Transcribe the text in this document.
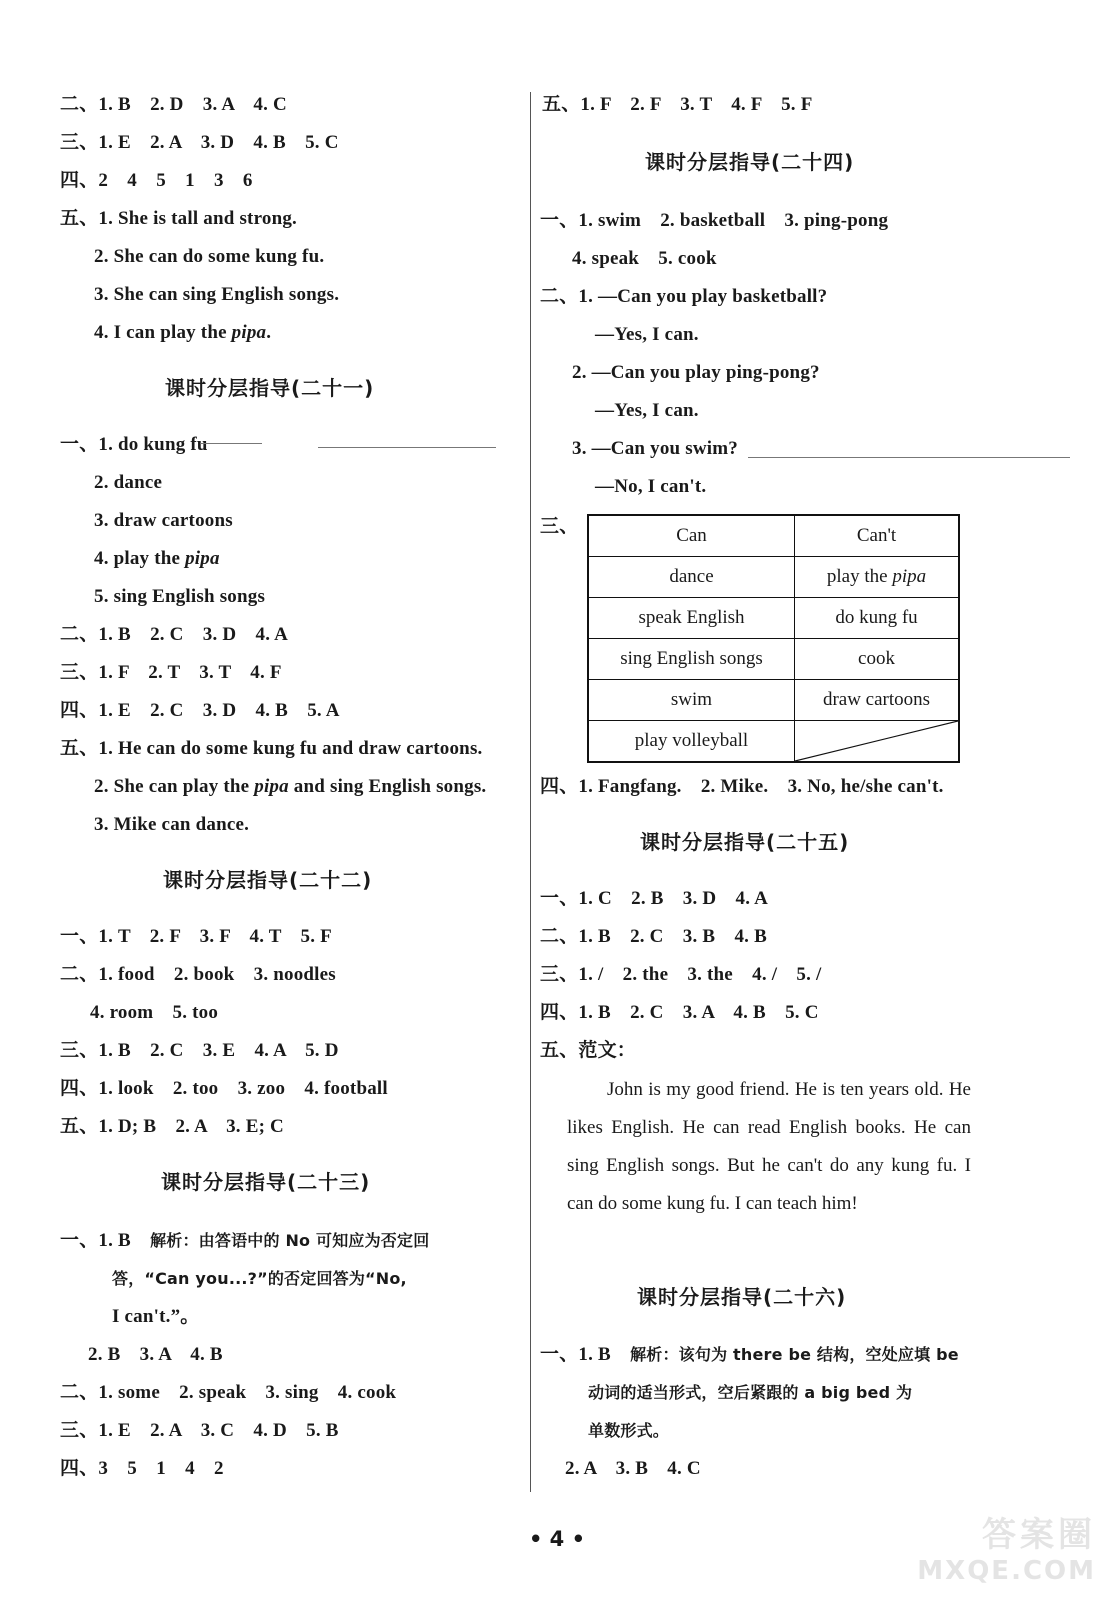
二、1. B　2. D　3. A　4. C
三、1. E　2. A　3. D　4. B　5. C
四、2　4　5　1　3　6
五、1. She is tall and strong.
2. She can do some kung fu.
3. She can sing English songs.
4. I can play the pipa.
课时分层指导(二十一)
一、1. do kung fu
2. dance
3. draw cartoons
4. play the pipa
5. sing English songs
二、1. B　2. C　3. D　4. A
三、1. F　2. T　3. T　4. F
四、1. E　2. C　3. D　4. B　5. A
五、1. He can do some kung fu and draw cartoons.
2. She can play the pipa and sing English songs.
3. Mike can dance.
课时分层指导(二十二)
一、1. T　2. F　3. F　4. T　5. F
二、1. food　2. book　3. noodles
4. room　5. too
三、1. B　2. C　3. E　4. A　5. D
四、1. look　2. too　3. zoo　4. football
五、1. D; B　2. A　3. E; C
课时分层指导(二十三)
一、1. B　解析：由答语中的 No 可知应为否定回
答，“Can you...?”的否定回答为“No,
I can't.”。
2. B　3. A　4. B
二、1. some　2. speak　3. sing　4. cook
三、1. E　2. A　3. C　4. D　5. B
四、3　5　1　4　2
五、1. F　2. F　3. T　4. F　5. F
课时分层指导(二十四)
一、1. swim　2. basketball　3. ping-pong
4. speak　5. cook
二、1. —Can you play basketball?
—Yes, I can.
2. —Can you play ping-pong?
—Yes, I can.
3. —Can you swim?
—No, I can't.
三、	Can	Can't
dance	play the pipa
speak English	do kung fu
sing English songs	cook
swim	draw cartoons
play volleyball	
四、1. Fangfang.　2. Mike.　3. No, he/she can't.
课时分层指导(二十五)
一、1. C　2. B　3. D　4. A
二、1. B　2. C　3. B　4. B
三、1. /　2. the　3. the　4. /　5. /
四、1. B　2. C　3. A　4. B　5. C
五、范文：
John is my good friend. He is ten years old. He likes English. He can read English books. He can sing English songs. But he can't do any kung fu. I can do some kung fu. I can teach him!
课时分层指导(二十六)
一、1. B　解析：该句为 there be 结构，空处应填 be
动词的适当形式，空后紧跟的 a big bed 为
单数形式。
2. A　3. B　4. C
• 4 •	答案圈
MXQE.COM
